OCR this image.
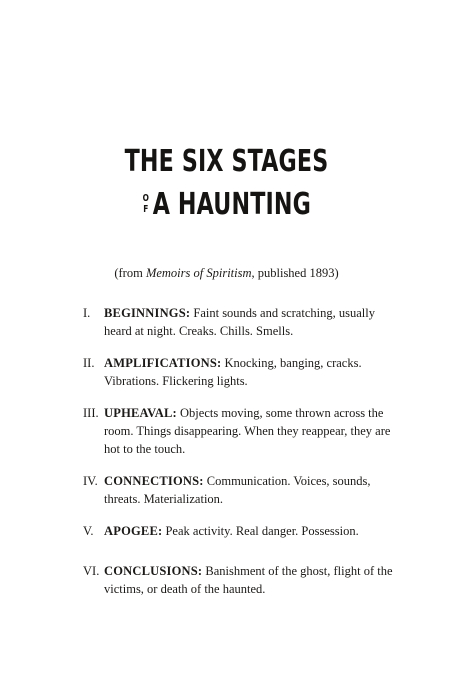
THE SIX STAGES
O
F A HAUNTING
(from Memoirs of Spiritism, published 1893)
I. BEGINNINGS: Faint sounds and scratching, usually heard at night. Creaks. Chills. Smells.
II. AMPLIFICATIONS: Knocking, banging, cracks. Vibrations. Flickering lights.
III. UPHEAVAL: Objects moving, some thrown across the room. Things disappearing. When they reappear, they are hot to the touch.
IV. CONNECTIONS: Communication. Voices, sounds, threats. Materialization.
V. APOGEE: Peak activity. Real danger. Possession.
VI. CONCLUSIONS: Banishment of the ghost, flight of the victims, or death of the haunted.
